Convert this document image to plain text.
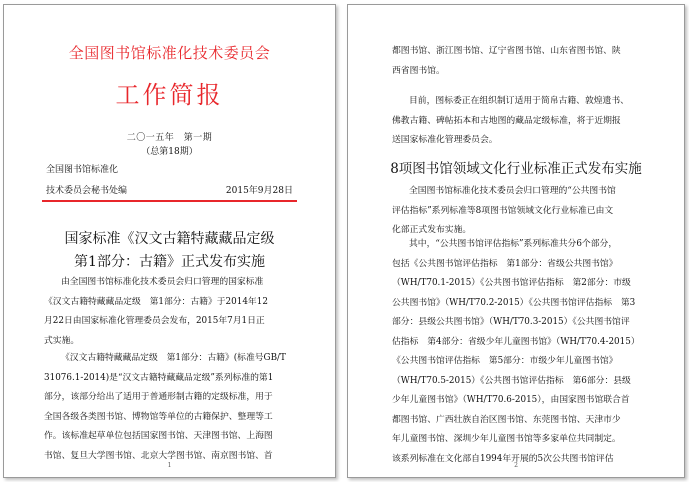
全国图书馆标准化技术委员会
工作简报
二〇一五年　第一期
（总第18期）
全国图书馆标准化
技术委员会秘书处编	2015年9月28日
国家标准《汉文古籍特藏藏品定级
第1部分：古籍》正式发布实施

由全国图书馆标准化技术委员会归口管理的国家标准

《汉文古籍特藏藏品定级　第1部分：古籍》于2014年12

月22日由国家标准化管理委员会发布，2015年7月1日正

式实施。

《汉文古籍特藏藏品定级　第1部分：古籍》(标准号GB/T

31076.1-2014)是“汉文古籍特藏藏品定级”系列标准的第1

部分，该部分给出了适用于普通形制古籍的定级标准，用于

全国各级各类图书馆、博物馆等单位的古籍保护、整理等工

作。该标准起草单位包括国家图书馆、天津图书馆、上海图

书馆、复旦大学图书馆、北京大学图书馆、南京图书馆、首

1

都图书馆、浙江图书馆、辽宁省图书馆、山东省图书馆、陕

西省图书馆。

目前，图标委正在组织制订适用于简帛古籍、敦煌遗书、

佛教古籍、碑帖拓本和古地图的藏品定级标准，将于近期报

送国家标准化管理委员会。

8项图书馆领域文化行业标准正式发布实施

全国图书馆标准化技术委员会归口管理的“公共图书馆

评估指标”系列标准等8项图书馆领域文化行业标准已由文

化部正式发布实施。

其中，“公共图书馆评估指标”系列标准共分6个部分，

包括《公共图书馆评估指标　第1部分：省级公共图书馆》

（WH/T70.1-2015）《公共图书馆评估指标　第2部分：市级

公共图书馆》（WH/T70.2-2015）《公共图书馆评估指标　第3

部分：县级公共图书馆》（WH/T70.3-2015）《公共图书馆评

估指标　第4部分：省级少年儿童图书馆》（WH/T70.4-2015）

《公共图书馆评估指标　第5部分：市级少年儿童图书馆》

（WH/T70.5-2015）《公共图书馆评估指标　第6部分：县级

少年儿童图书馆》（WH/T70.6-2015），由国家图书馆联合首

都图书馆、广西壮族自治区图书馆、东莞图书馆、天津市少

年儿童图书馆、深圳少年儿童图书馆等多家单位共同制定。

该系列标准在文化部自1994年开展的5次公共图书馆评估

2
